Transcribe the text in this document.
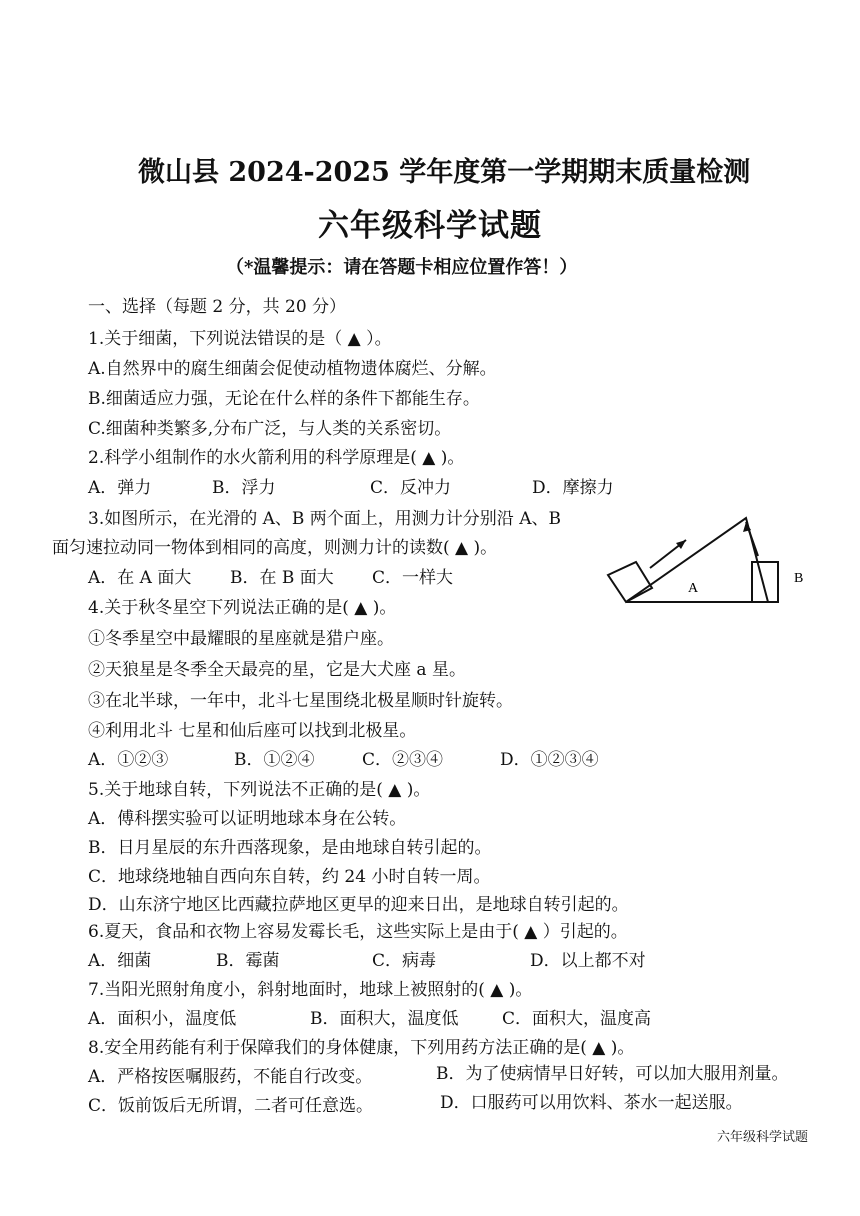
微山县 2024-2025 学年度第一学期期末质量检测
六年级科学试题
（*温馨提示：请在答题卡相应位置作答！）
一、选择（每题 2 分，共 20 分）
1.关于细菌，下列说法错误的是（ ▲ ）。
A.自然界中的腐生细菌会促使动植物遗体腐烂、分解。
B.细菌适应力强，无论在什么样的条件下都能生存。
C.细菌种类繁多,分布广泛，与人类的关系密切。
2.科学小组制作的水火箭利用的科学原理是( ▲ )。
A．弹力	B．浮力	C．反冲力	D．摩擦力
3.如图所示，在光滑的 A、B 两个面上，用测力计分别沿 A、B
面匀速拉动同一物体到相同的高度，则测力计的读数( ▲ )。
A．在 A 面大 B．在 B 面大 C．一样大
A
B
4.关于秋冬星空下列说法正确的是( ▲ )。
①冬季星空中最耀眼的星座就是猎户座。
②天狼星是冬季全天最亮的星，它是大犬座 a 星。
③在北半球，一年中，北斗七星围绕北极星顺时针旋转。
④利用北斗 七星和仙后座可以找到北极星。
A．①②③	B．①②④	C．②③④	D．①②③④
5.关于地球自转，下列说法不正确的是( ▲ )。
A．傅科摆实验可以证明地球本身在公转。
B．日月星辰的东升西落现象，是由地球自转引起的。
C．地球绕地轴自西向东自转，约 24 小时自转一周。
D．山东济宁地区比西藏拉萨地区更早的迎来日出，是地球自转引起的。
6.夏天，食品和衣物上容易发霉长毛，这些实际上是由于( ▲ ）引起的。
A．细菌	B．霉菌	C．病毒	D．以上都不对
7.当阳光照射角度小，斜射地面时，地球上被照射的( ▲ )。
A．面积小，温度低	B．面积大，温度低	C．面积大，温度高
8.安全用药能有利于保障我们的身体健康，下列用药方法正确的是( ▲ )。
A．严格按医嘱服药，不能自行改变。	B．为了使病情早日好转，可以加大服用剂量。
C．饭前饭后无所谓，二者可任意选。	D．口服药可以用饮料、茶水一起送服。
六年级科学试题
